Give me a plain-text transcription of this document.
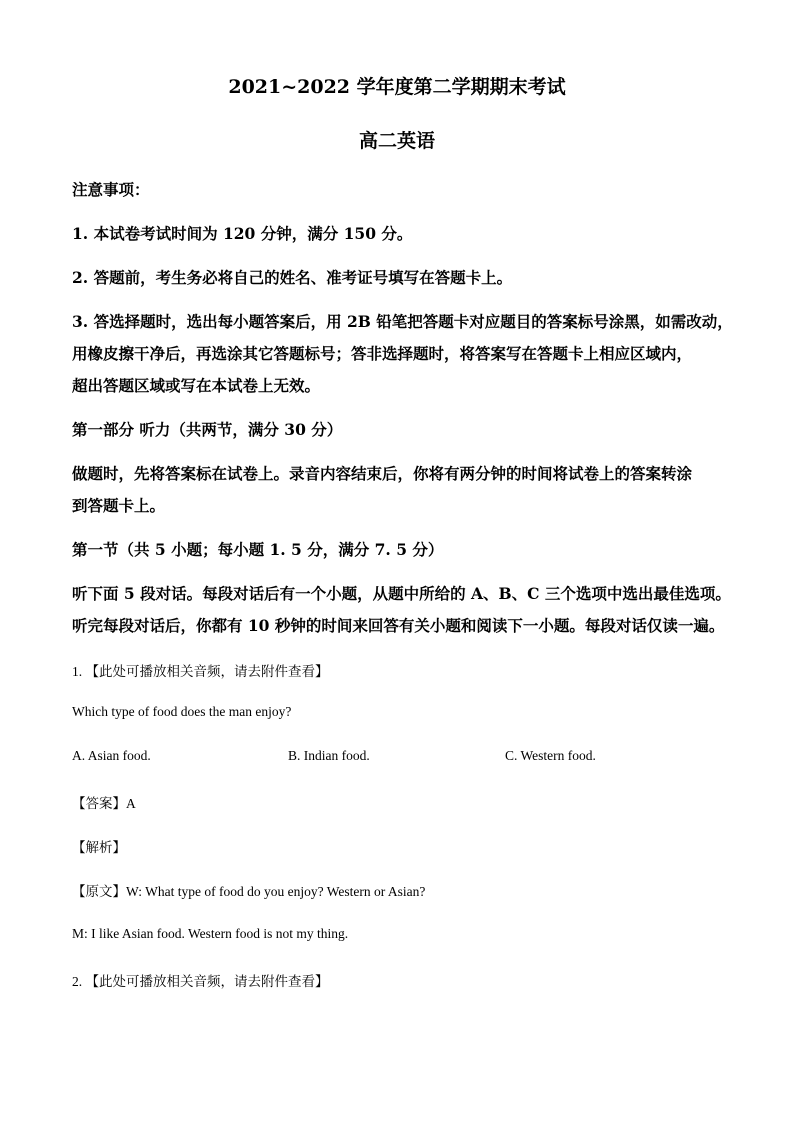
2021~2022 学年度第二学期期末考试
高二英语
注意事项：
1. 本试卷考试时间为 120 分钟，满分 150 分。
2. 答题前，考生务必将自己的姓名、准考证号填写在答题卡上。
3. 答选择题时，选出每小题答案后，用 2B 铅笔把答题卡对应题目的答案标号涂黑，如需改动，
用橡皮擦干净后，再选涂其它答题标号；答非选择题时，将答案写在答题卡上相应区域内，
超出答题区域或写在本试卷上无效。
第一部分 听力（共两节，满分 30 分）
做题时，先将答案标在试卷上。录音内容结束后，你将有两分钟的时间将试卷上的答案转涂
到答题卡上。
第一节（共 5 小题；每小题 1. 5 分，满分 7. 5 分）
听下面 5 段对话。每段对话后有一个小题，从题中所给的 A、B、C 三个选项中选出最佳选项。
听完每段对话后，你都有 10 秒钟的时间来回答有关小题和阅读下一小题。每段对话仅读一遍。
1. 【此处可播放相关音频，请去附件查看】
Which type of food does the man enjoy?
A. Asian food.	B. Indian food.	C. Western food.
【答案】A
【解析】
【原文】W: What type of food do you enjoy? Western or Asian?
M: I like Asian food. Western food is not my thing.
2. 【此处可播放相关音频，请去附件查看】
